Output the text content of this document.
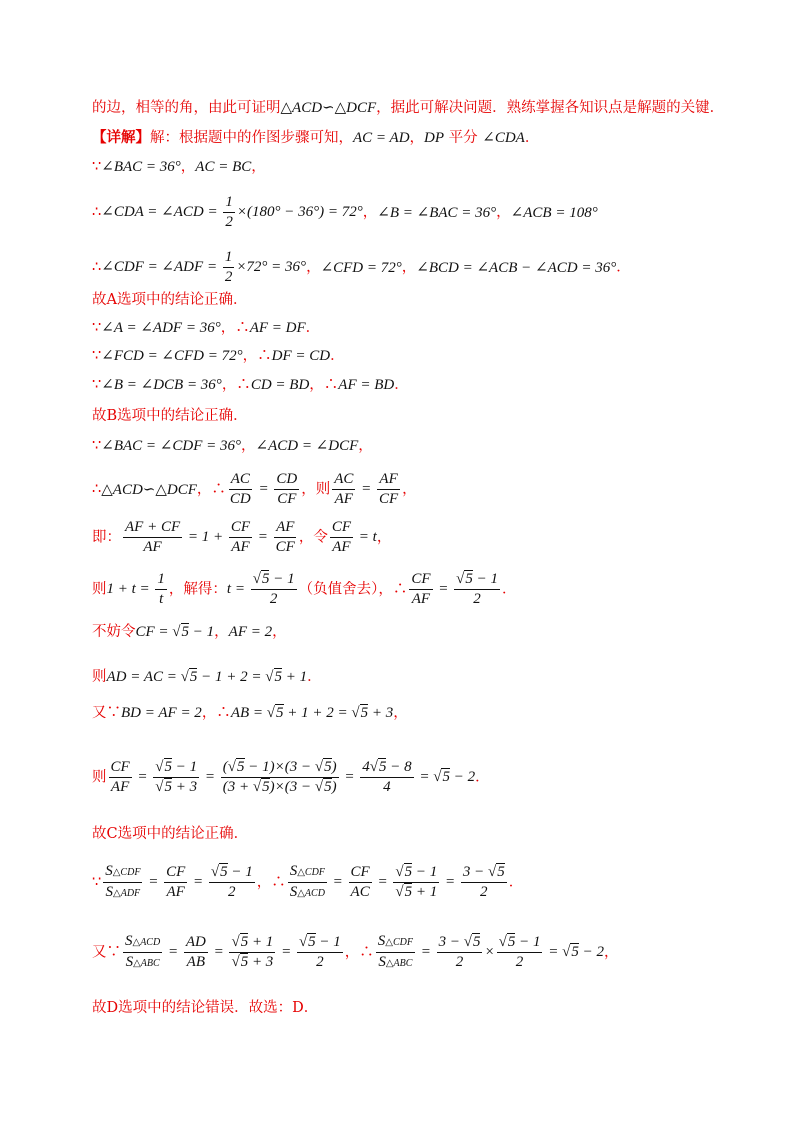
的边，相等的角，由此可证明△ACD∽△DCF，据此可解决问题．熟练掌握各知识点是解题的关键．
【详解】解：根据题中的作图步骤可知，AC = AD，DP 平分 ∠CDA．
∵∠BAC = 36°，AC = BC，
∴∠CDA = ∠ACD = $\frac{1}{2} \times(180^\circ - 36^\circ) = 72^\circ$，∠B = ∠BAC = 36°，∠ACB = 108°
∴∠CDF = ∠ADF = $\frac{1}{2} \times 72^\circ = 36^\circ$，∠CFD = 72°，∠BCD = ∠ACB − ∠ACD = 36°．
故A选项中的结论正确．
∵∠A = ∠ADF = 36°，∴AF = DF．
∵∠FCD = ∠CFD = 72°，∴DF = CD．
∵∠B = ∠DCB = 36°，∴CD = BD，∴AF = BD．
故B选项中的结论正确．
∵∠BAC = ∠CDF = 36°，∠ACD = ∠DCF，
∴△ACD∽△DCF，∴ $\frac{AC}{CD} = \frac{CD}{CF}$ ，则 $\frac{AC}{AF} = \frac{AF}{CF}$ ，
即： $\frac{AF + CF}{AF} = 1 + \frac{CF}{AF} = \frac{AF}{CF}$ ，令 $\frac{CF}{AF} = t$，
则$1 + t = \frac{1}{t}$ ，解得：$t = \frac{√5 - 1}{2}$ （负值舍去），∴ $\frac{CF}{AF} = \frac{√5 - 1}{2}$ ．
不妨令CF = √5 − 1，AF = 2，
则AD = AC = √5 − 1 + 2 = √5 + 1．
又∵BD = AF = 2，∴AB = √5 + 1 + 2 = √5 + 3，
则 $\frac{CF}{AF} = \frac{√5 - 1}{√5 + 3} = \frac{(√5 - 1)\times(3 - √5)}{(3 + √5)\times(3 - √5)} = \frac{4√5 - 8}{4} = √5 - 2$．
故C选项中的结论正确．
∵ $\frac{\text{S△CDF}}{\text{S△ADF}} = \frac{CF}{AF} = \frac{√5 - 1}{2}$ ，∴ $\frac{\text{S△CDF}}{\text{S△ACD}} = \frac{CF}{AC} = \frac{√5 - 1}{√5 + 1} = \frac{3 - √5}{2}$ ．
又∵ $\frac{\text{S△ACD}}{\text{S△ABC}} = \frac{AD}{AB} = \frac{√5 + 1}{√5 + 3} = \frac{√5 - 1}{2}$ ，∴ $\frac{\text{S△CDF}}{\text{S△ABC}} = \frac{3 - √5}{2} \times \frac{√5 - 1}{2} = √5 - 2$，
故D选项中的结论错误．故选：D．
